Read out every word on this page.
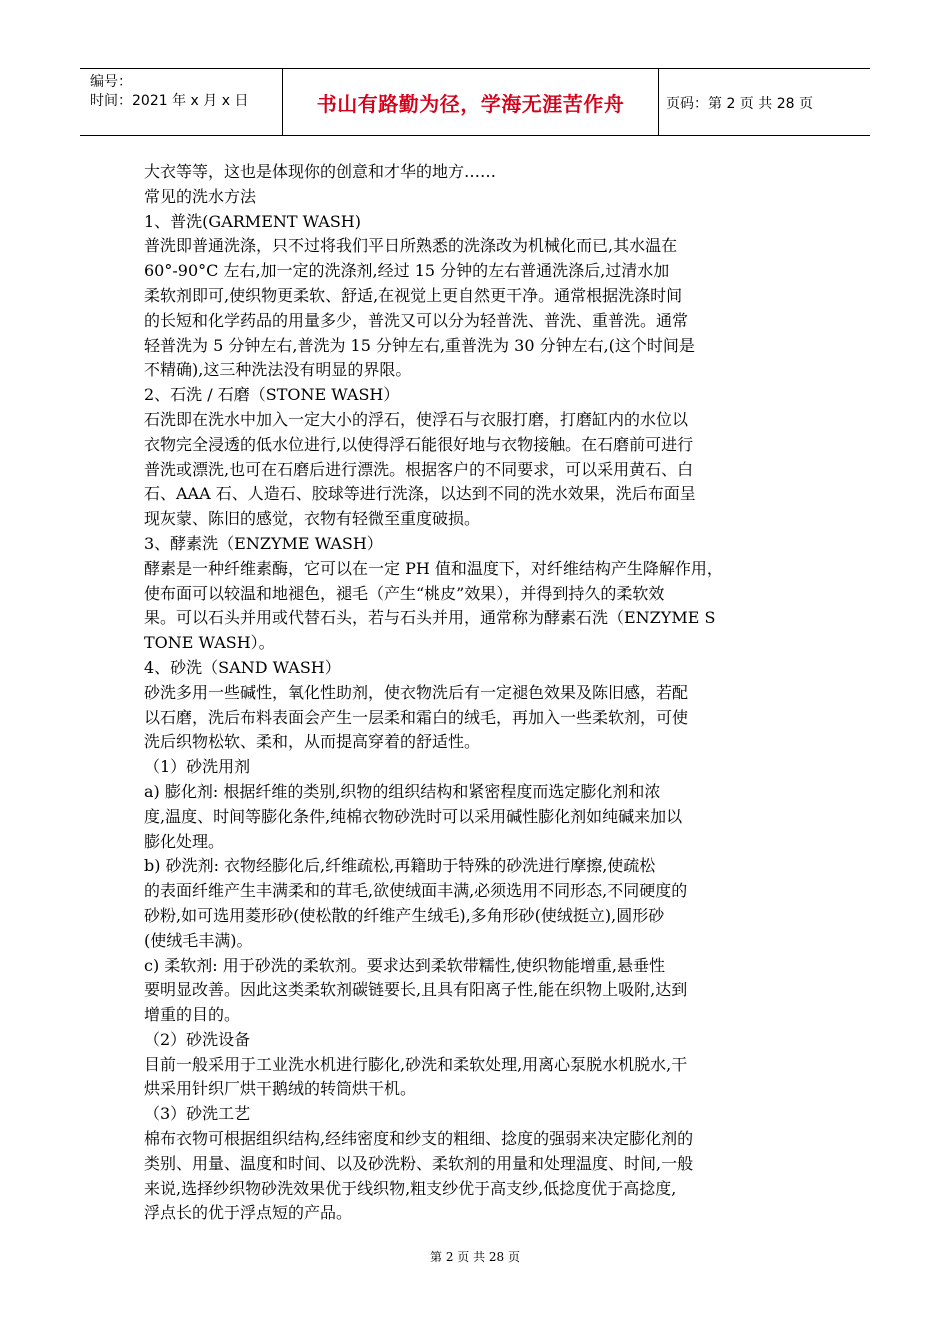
编号：
时间：2021 年 x 月 x 日	书山有路勤为径，学海无涯苦作舟	页码：第 2 页 共 28 页
大衣等等，这也是体现你的创意和才华的地方……
常见的洗水方法
1、普洗(GARMENT WASH)
普洗即普通洗涤，只不过将我们平日所熟悉的洗涤改为机械化而已,其水温在
60°-90°C 左右,加一定的洗涤剂,经过 15 分钟的左右普通洗涤后,过清水加
柔软剂即可,使织物更柔软、舒适,在视觉上更自然更干净。通常根据洗涤时间
的长短和化学药品的用量多少，普洗又可以分为轻普洗、普洗、重普洗。通常
轻普洗为 5 分钟左右,普洗为 15 分钟左右,重普洗为 30 分钟左右,(这个时间是
不精确),这三种洗法没有明显的界限。
2、石洗 / 石磨（STONE WASH）
石洗即在洗水中加入一定大小的浮石，使浮石与衣服打磨，打磨缸内的水位以
衣物完全浸透的低水位进行,以使得浮石能很好地与衣物接触。在石磨前可进行
普洗或漂洗,也可在石磨后进行漂洗。根据客户的不同要求，可以采用黄石、白
石、AAA 石、人造石、胶球等进行洗涤，以达到不同的洗水效果，洗后布面呈
现灰蒙、陈旧的感觉，衣物有轻微至重度破损。
3、酵素洗（ENZYME WASH）
酵素是一种纤维素酶，它可以在一定 PH 值和温度下，对纤维结构产生降解作用，
使布面可以较温和地褪色，褪毛（产生“桃皮”效果），并得到持久的柔软效
果。可以石头并用或代替石头，若与石头并用，通常称为酵素石洗（ENZYME S
TONE WASH）。
4、砂洗（SAND WASH）
砂洗多用一些碱性，氧化性助剂，使衣物洗后有一定褪色效果及陈旧感，若配
以石磨，洗后布料表面会产生一层柔和霜白的绒毛，再加入一些柔软剂，可使
洗后织物松软、柔和，从而提高穿着的舒适性。
（1）砂洗用剂
a) 膨化剂: 根据纤维的类别,织物的组织结构和紧密程度而选定膨化剂和浓
度,温度、时间等膨化条件,纯棉衣物砂洗时可以采用碱性膨化剂如纯碱来加以
膨化处理。
b) 砂洗剂: 衣物经膨化后,纤维疏松,再籍助于特殊的砂洗进行摩擦,使疏松
的表面纤维产生丰满柔和的茸毛,欲使绒面丰满,必须选用不同形态,不同硬度的
砂粉,如可选用菱形砂(使松散的纤维产生绒毛),多角形砂(使绒挺立),圆形砂
(使绒毛丰满)。
c) 柔软剂: 用于砂洗的柔软剂。要求达到柔软带糯性,使织物能增重,悬垂性
要明显改善。因此这类柔软剂碳链要长,且具有阳离子性,能在织物上吸附,达到
增重的目的。
（2）砂洗设备
目前一般采用于工业洗水机进行膨化,砂洗和柔软处理,用离心泵脱水机脱水,干
烘采用针织厂烘干鹅绒的转筒烘干机。
（3）砂洗工艺
棉布衣物可根据组织结构,经纬密度和纱支的粗细、捻度的强弱来决定膨化剂的
类别、用量、温度和时间、以及砂洗粉、柔软剂的用量和处理温度、时间,一般
来说,选择纱织物砂洗效果优于线织物,粗支纱优于高支纱,低捻度优于高捻度,
浮点长的优于浮点短的产品。
第 2 页 共 28 页
